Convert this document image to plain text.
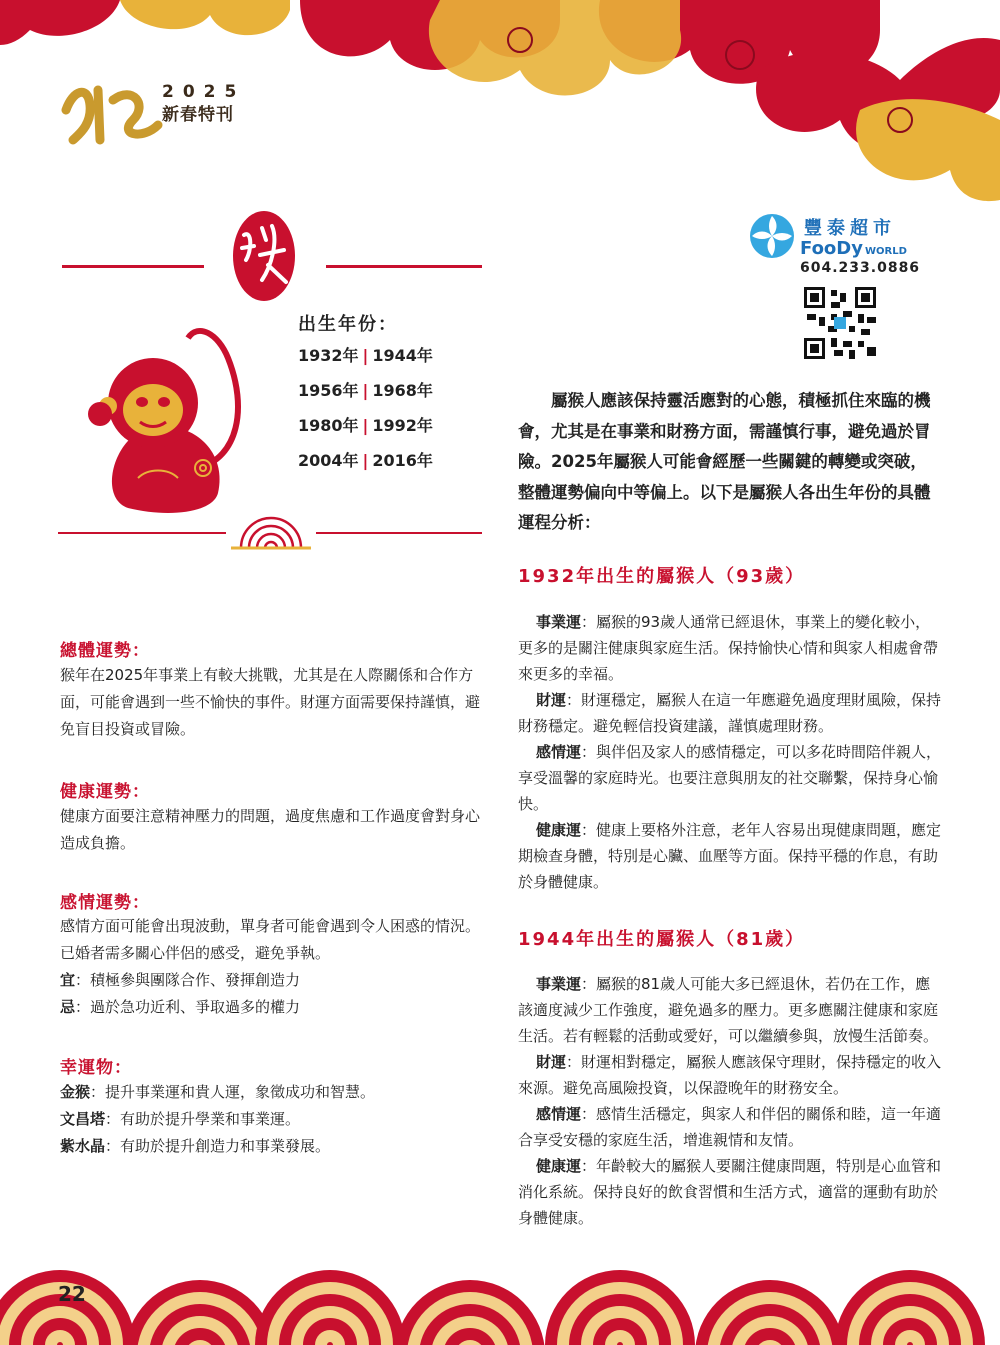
2025
新春特刊
出生年份：
1932年 | 1944年
1956年 | 1968年
1980年 | 1992年
2004年 | 2016年
豐泰超市
FooDy WORLD
604.233.0886
屬猴人應該保持靈活應對的心態，積極抓住來臨的機會，尤其是在事業和財務方面，需謹慎行事，避免過於冒險。2025年屬猴人可能會經歷一些關鍵的轉變或突破，整體運勢偏向中等偏上。以下是屬猴人各出生年份的具體運程分析：
1932年出生的屬猴人（93歲）
事業運：屬猴的93歲人通常已經退休，事業上的變化較小，更多的是關注健康與家庭生活。保持愉快心情和與家人相處會帶來更多的幸福。
財運：財運穩定，屬猴人在這一年應避免過度理財風險，保持財務穩定。避免輕信投資建議，謹慎處理財務。
感情運：與伴侶及家人的感情穩定，可以多花時間陪伴親人，享受溫馨的家庭時光。也要注意與朋友的社交聯繫，保持身心愉快。
健康運：健康上要格外注意，老年人容易出現健康問題，應定期檢查身體，特別是心臟、血壓等方面。保持平穩的作息，有助於身體健康。
1944年出生的屬猴人（81歲）
事業運：屬猴的81歲人可能大多已經退休，若仍在工作，應該適度減少工作強度，避免過多的壓力。更多應關注健康和家庭生活。若有輕鬆的活動或愛好，可以繼續參與，放慢生活節奏。
財運：財運相對穩定，屬猴人應該保守理財，保持穩定的收入來源。避免高風險投資，以保證晚年的財務安全。
感情運：感情生活穩定，與家人和伴侶的關係和睦，這一年適合享受安穩的家庭生活，增進親情和友情。
健康運：年齡較大的屬猴人要關注健康問題，特別是心血管和消化系統。保持良好的飲食習慣和生活方式，適當的運動有助於身體健康。
總體運勢：
猴年在2025年事業上有較大挑戰，尤其是在人際關係和合作方面，可能會遇到一些不愉快的事件。財運方面需要保持謹慎，避免盲目投資或冒險。
健康運勢：
健康方面要注意精神壓力的問題，過度焦慮和工作過度會對身心造成負擔。
感情運勢：
感情方面可能會出現波動，單身者可能會遇到令人困惑的情況。已婚者需多關心伴侶的感受，避免爭執。
宜：積極參與團隊合作、發揮創造力
忌：過於急功近利、爭取過多的權力
幸運物：
金猴：提升事業運和貴人運，象徵成功和智慧。
文昌塔：有助於提升學業和事業運。
紫水晶：有助於提升創造力和事業發展。
22
